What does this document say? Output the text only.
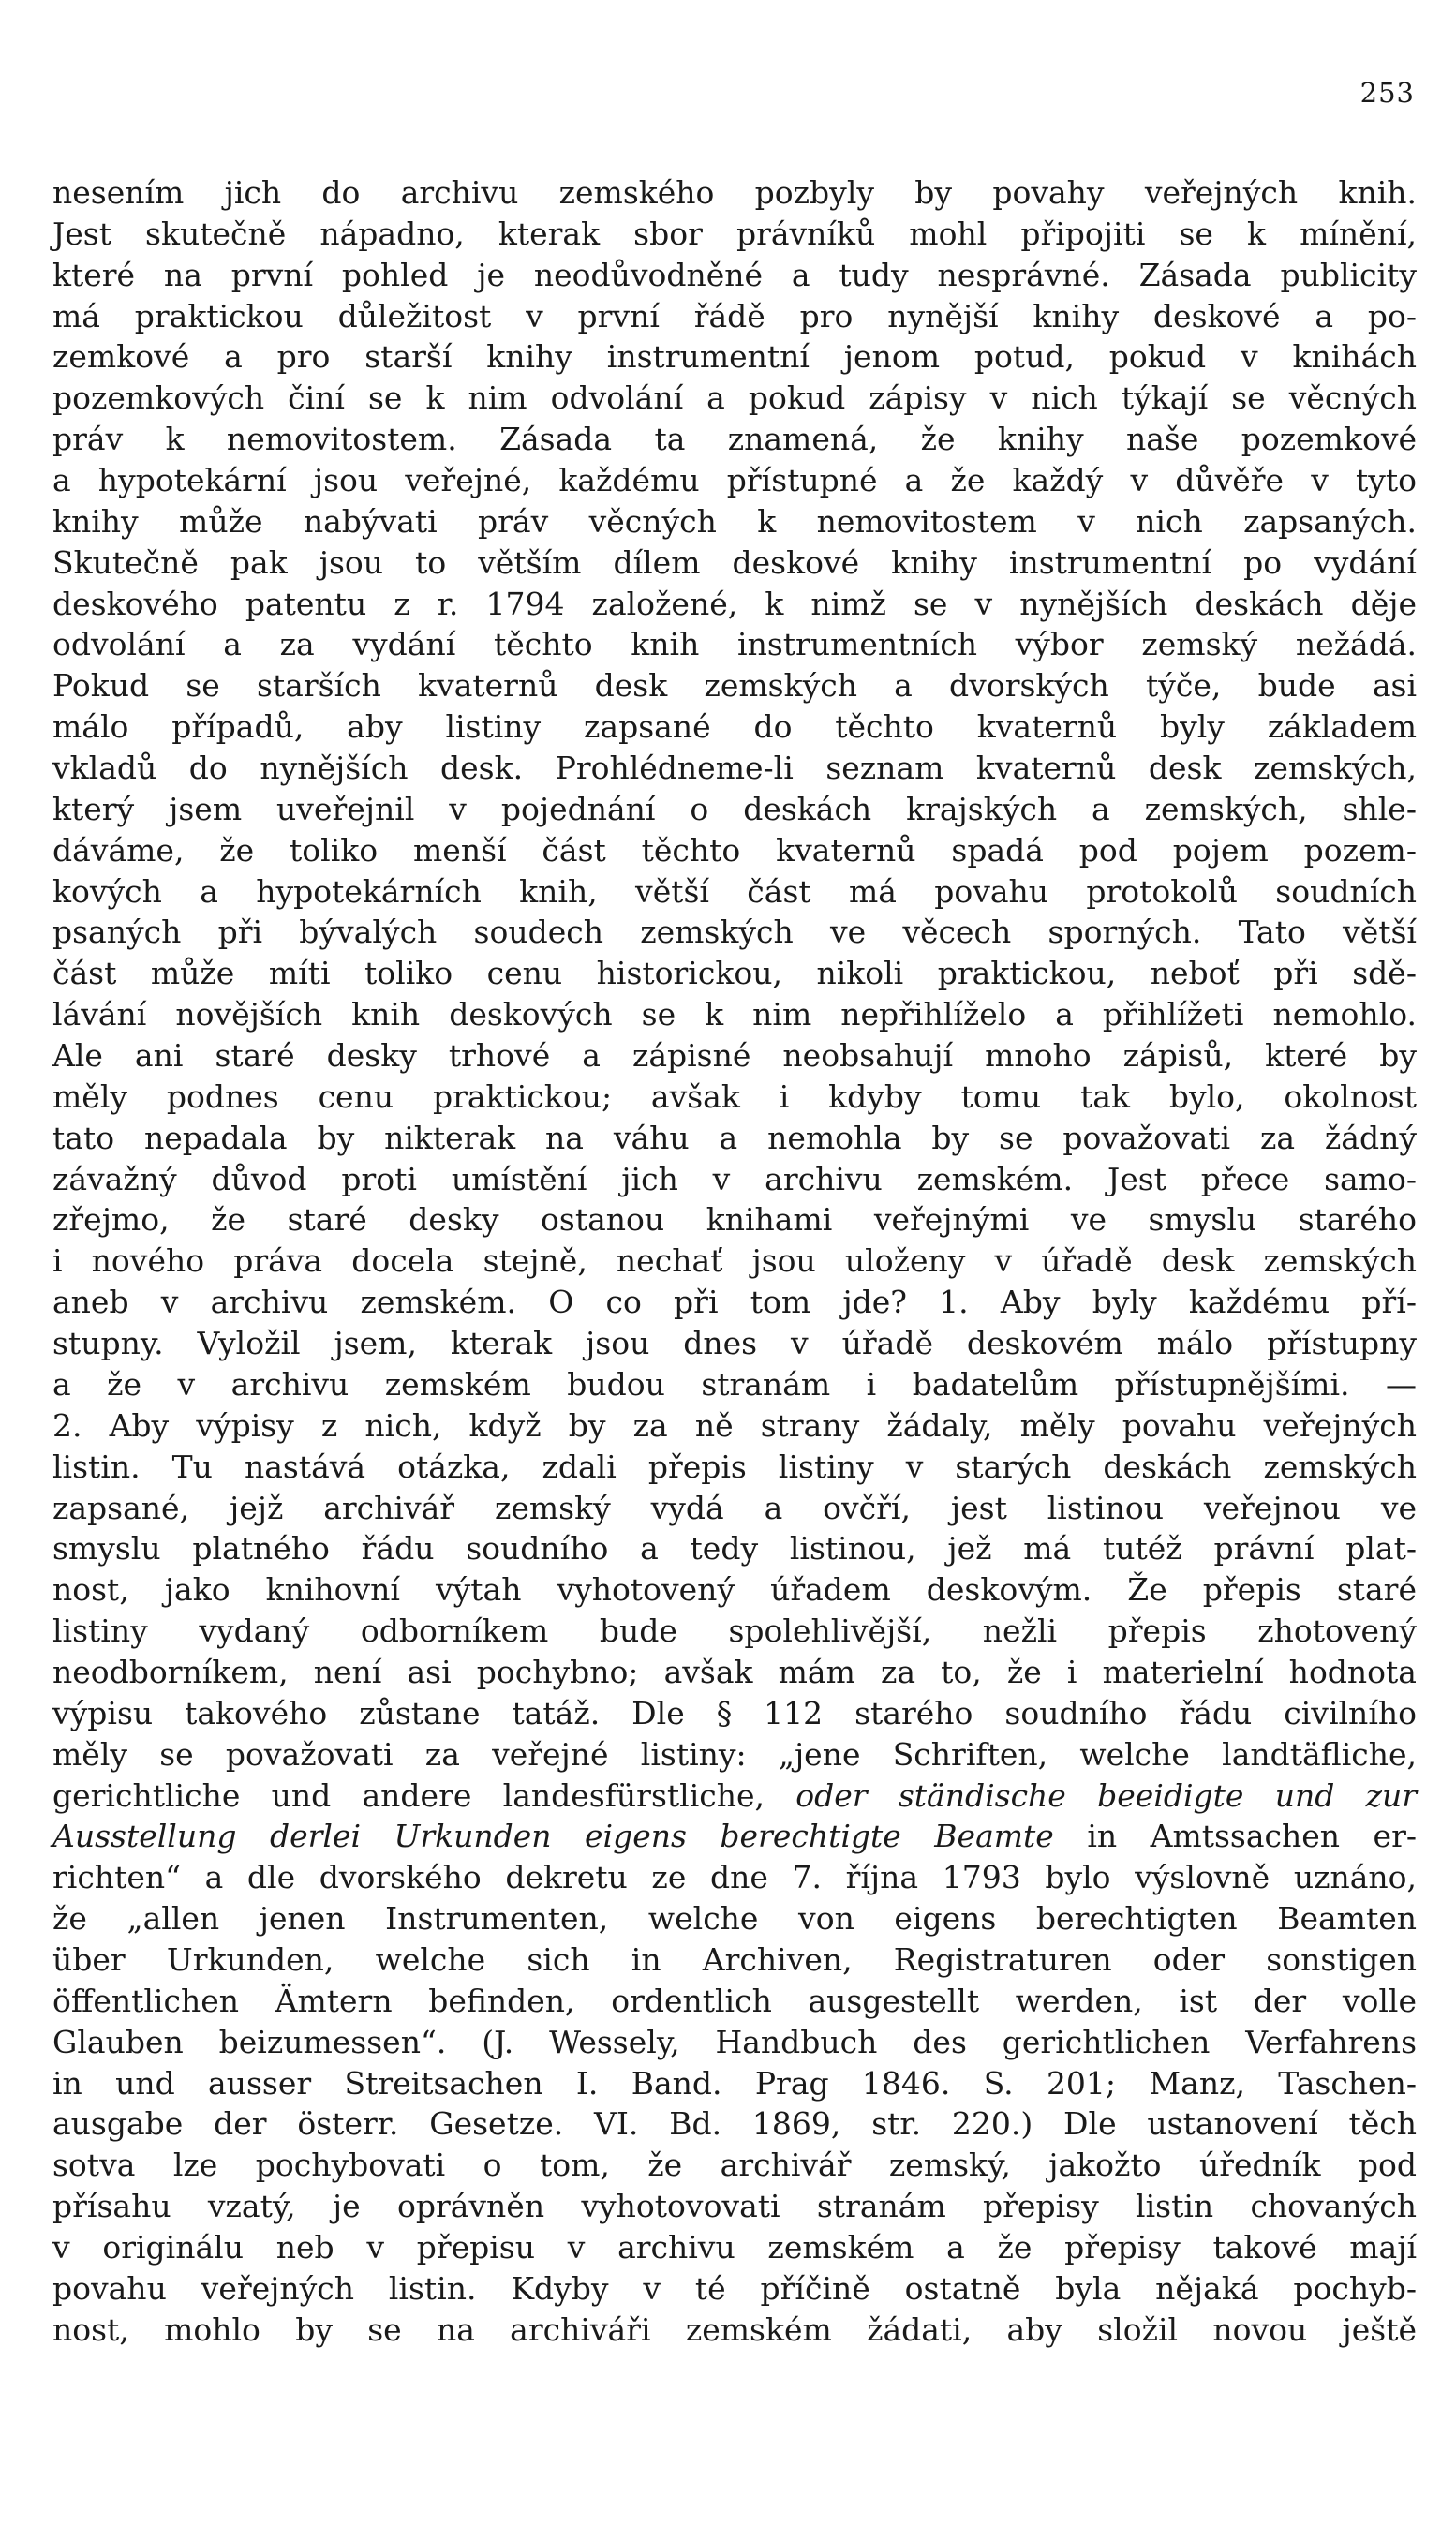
253
nesením jich do archivu zemského pozbyly by povahy veřejných knih.
Jest skutečně nápadno, kterak sbor právníků mohl připojiti se k mínění,
které na první pohled je neodůvodněné a tudy nesprávné. Zásada publicity
má praktickou důležitost v první řádě pro nynější knihy deskové a po-
zemkové a pro starší knihy instrumentní jenom potud, pokud v knihách
pozemkových činí se k nim odvolání a pokud zápisy v nich týkají se věcných
práv k nemovitostem. Zásada ta znamená, že knihy naše pozemkové
a hypotekární jsou veřejné, každému přístupné a že každý v důvěře v tyto
knihy může nabývati práv věcných k nemovitostem v nich zapsaných.
Skutečně pak jsou to větším dílem deskové knihy instrumentní po vydání
deskového patentu z r. 1794 založené, k nimž se v nynějších deskách děje
odvolání a za vydání těchto knih instrumentních výbor zemský nežádá.
Pokud se starších kvaternů desk zemských a dvorských týče, bude asi
málo případů, aby listiny zapsané do těchto kvaternů byly základem
vkladů do nynějších desk. Prohlédneme-li seznam kvaternů desk zemských,
který jsem uveřejnil v pojednání o deskách krajských a zemských, shle-
dáváme, že toliko menší část těchto kvaternů spadá pod pojem pozem-
kových a hypotekárních knih, větší část má povahu protokolů soudních
psaných při bývalých soudech zemských ve věcech sporných. Tato větší
část může míti toliko cenu historickou, nikoli praktickou, neboť při sdě-
lávání novějších knih deskových se k nim nepřihlíželo a přihlížeti nemohlo.
Ale ani staré desky trhové a zápisné neobsahují mnoho zápisů, které by
měly podnes cenu praktickou; avšak i kdyby tomu tak bylo, okolnost
tato nepadala by nikterak na váhu a nemohla by se považovati za žádný
závažný důvod proti umístění jich v archivu zemském. Jest přece samo-
zřejmo, že staré desky ostanou knihami veřejnými ve smyslu starého
i nového práva docela stejně, nechať jsou uloženy v úřadě desk zemských
aneb v archivu zemském. O co při tom jde? 1. Aby byly každému pří-
stupny. Vyložil jsem, kterak jsou dnes v úřadě deskovém málo přístupny
a že v archivu zemském budou stranám i badatelům přístupnějšími. —
2. Aby výpisy z nich, když by za ně strany žádaly, měly povahu veřejných
listin. Tu nastává otázka, zdali přepis listiny v starých deskách zemských
zapsané, jejž archivář zemský vydá a ovčří, jest listinou veřejnou ve
smyslu platného řádu soudního a tedy listinou, jež má tutéž právní plat-
nost, jako knihovní výtah vyhotovený úřadem deskovým. Že přepis staré
listiny vydaný odborníkem bude spolehlivější, nežli přepis zhotovený
neodborníkem, není asi pochybno; avšak mám za to, že i materielní hodnota
výpisu takového zůstane tatáž. Dle § 112 starého soudního řádu civilního
měly se považovati za veřejné listiny: „jene Schriften, welche landtäfliche,
gerichtliche und andere landesfürstliche, oder ständische beeidigte und zur
Ausstellung derlei Urkunden eigens berechtigte Beamte in Amtssachen er-
richten“ a dle dvorského dekretu ze dne 7. října 1793 bylo výslovně uznáno,
že „allen jenen Instrumenten, welche von eigens berechtigten Beamten
über Urkunden, welche sich in Archiven, Registraturen oder sonstigen
öffentlichen Ämtern befinden, ordentlich ausgestellt werden, ist der volle
Glauben beizumessen“. (J. Wessely, Handbuch des gerichtlichen Verfahrens
in und ausser Streitsachen I. Band. Prag 1846. S. 201; Manz, Taschen-
ausgabe der österr. Gesetze. VI. Bd. 1869, str. 220.) Dle ustanovení těch
sotva lze pochybovati o tom, že archivář zemský, jakožto úředník pod
přísahu vzatý, je oprávněn vyhotovovati stranám přepisy listin chovaných
v originálu neb v přepisu v archivu zemském a že přepisy takové mají
povahu veřejných listin. Kdyby v té příčině ostatně byla nějaká pochyb-
nost, mohlo by se na archiváři zemském žádati, aby složil novou ještě
